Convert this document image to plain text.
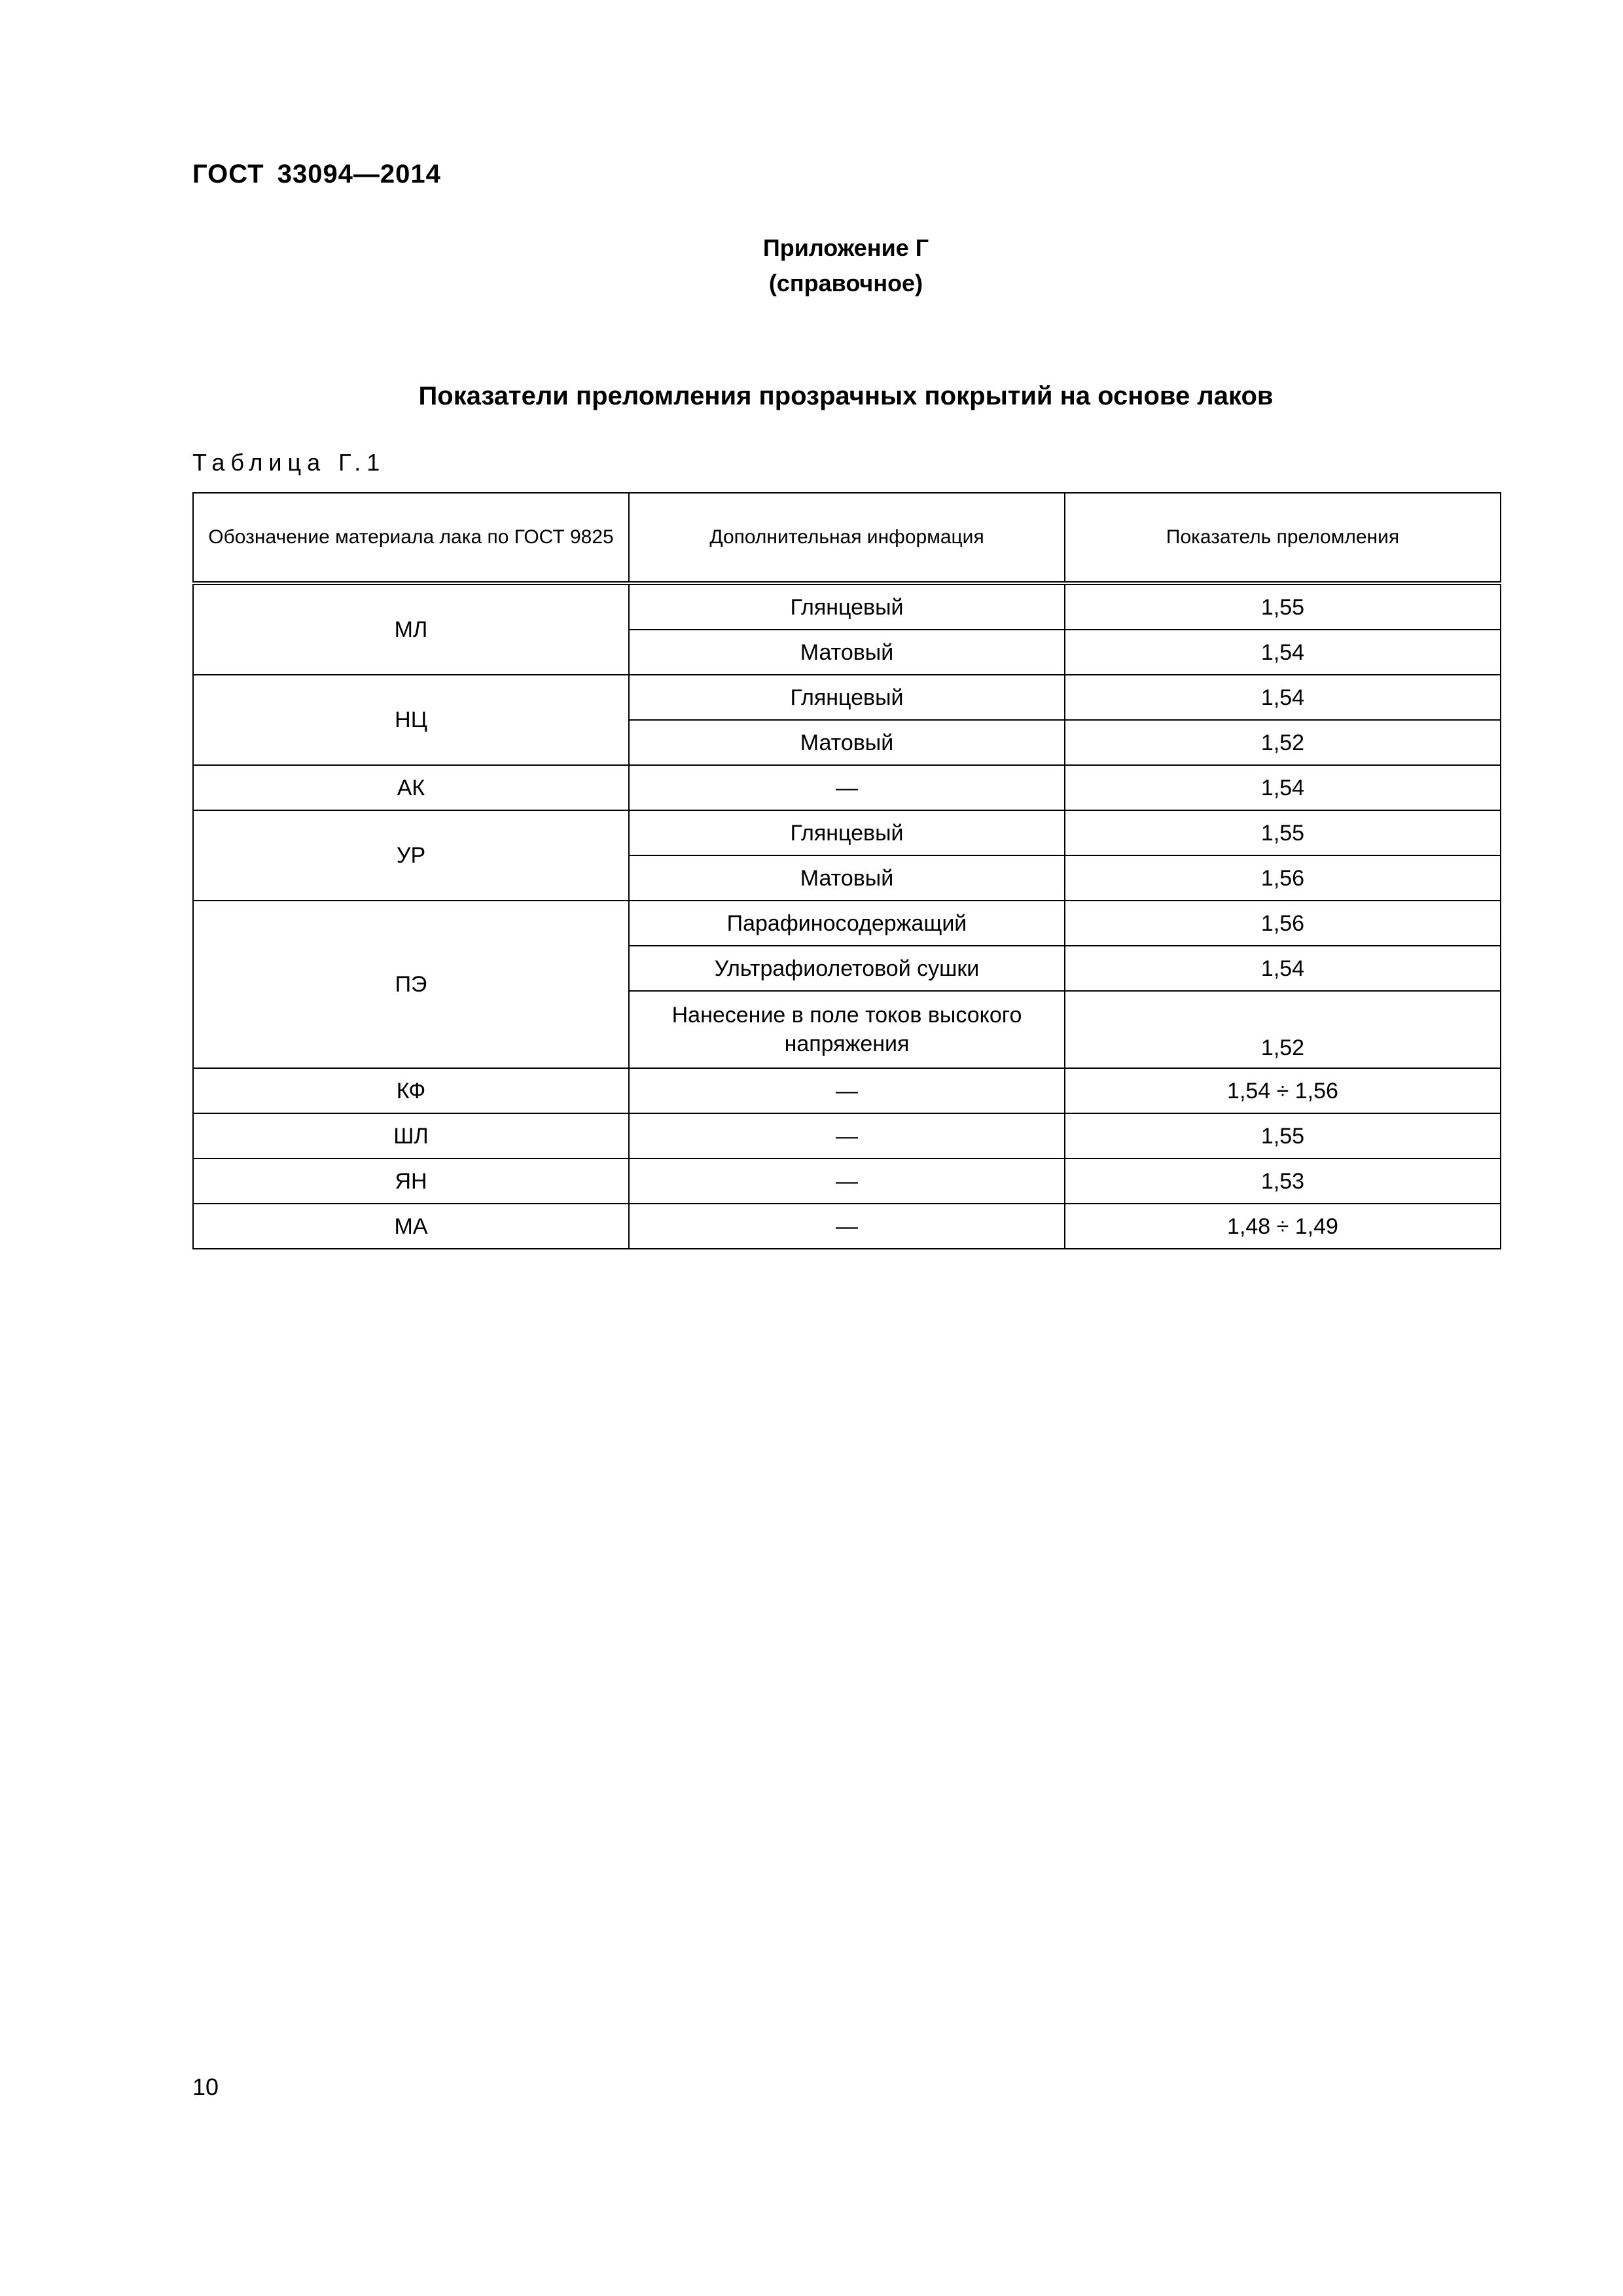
ГОСТ 33094—2014

Приложение Г
(справочное)

Показатели преломления прозрачных покрытий на основе лаков

Таблица Г.1

Обозначение материала лака по ГОСТ 9825	Дополнительная информация	Показатель преломления
МЛ	Глянцевый	1,55
	Матовый	1,54
НЦ	Глянцевый	1,54
	Матовый	1,52
АК	—	1,54
УР	Глянцевый	1,55
	Матовый	1,56
ПЭ	Парафиносодержащий	1,56
	Ультрафиолетовой сушки	1,54
	Нанесение в поле токов высокого напряжения	1,52
КФ	—	1,54 ÷ 1,56
ШЛ	—	1,55
ЯН	—	1,53
МА	—	1,48 ÷ 1,49

10
